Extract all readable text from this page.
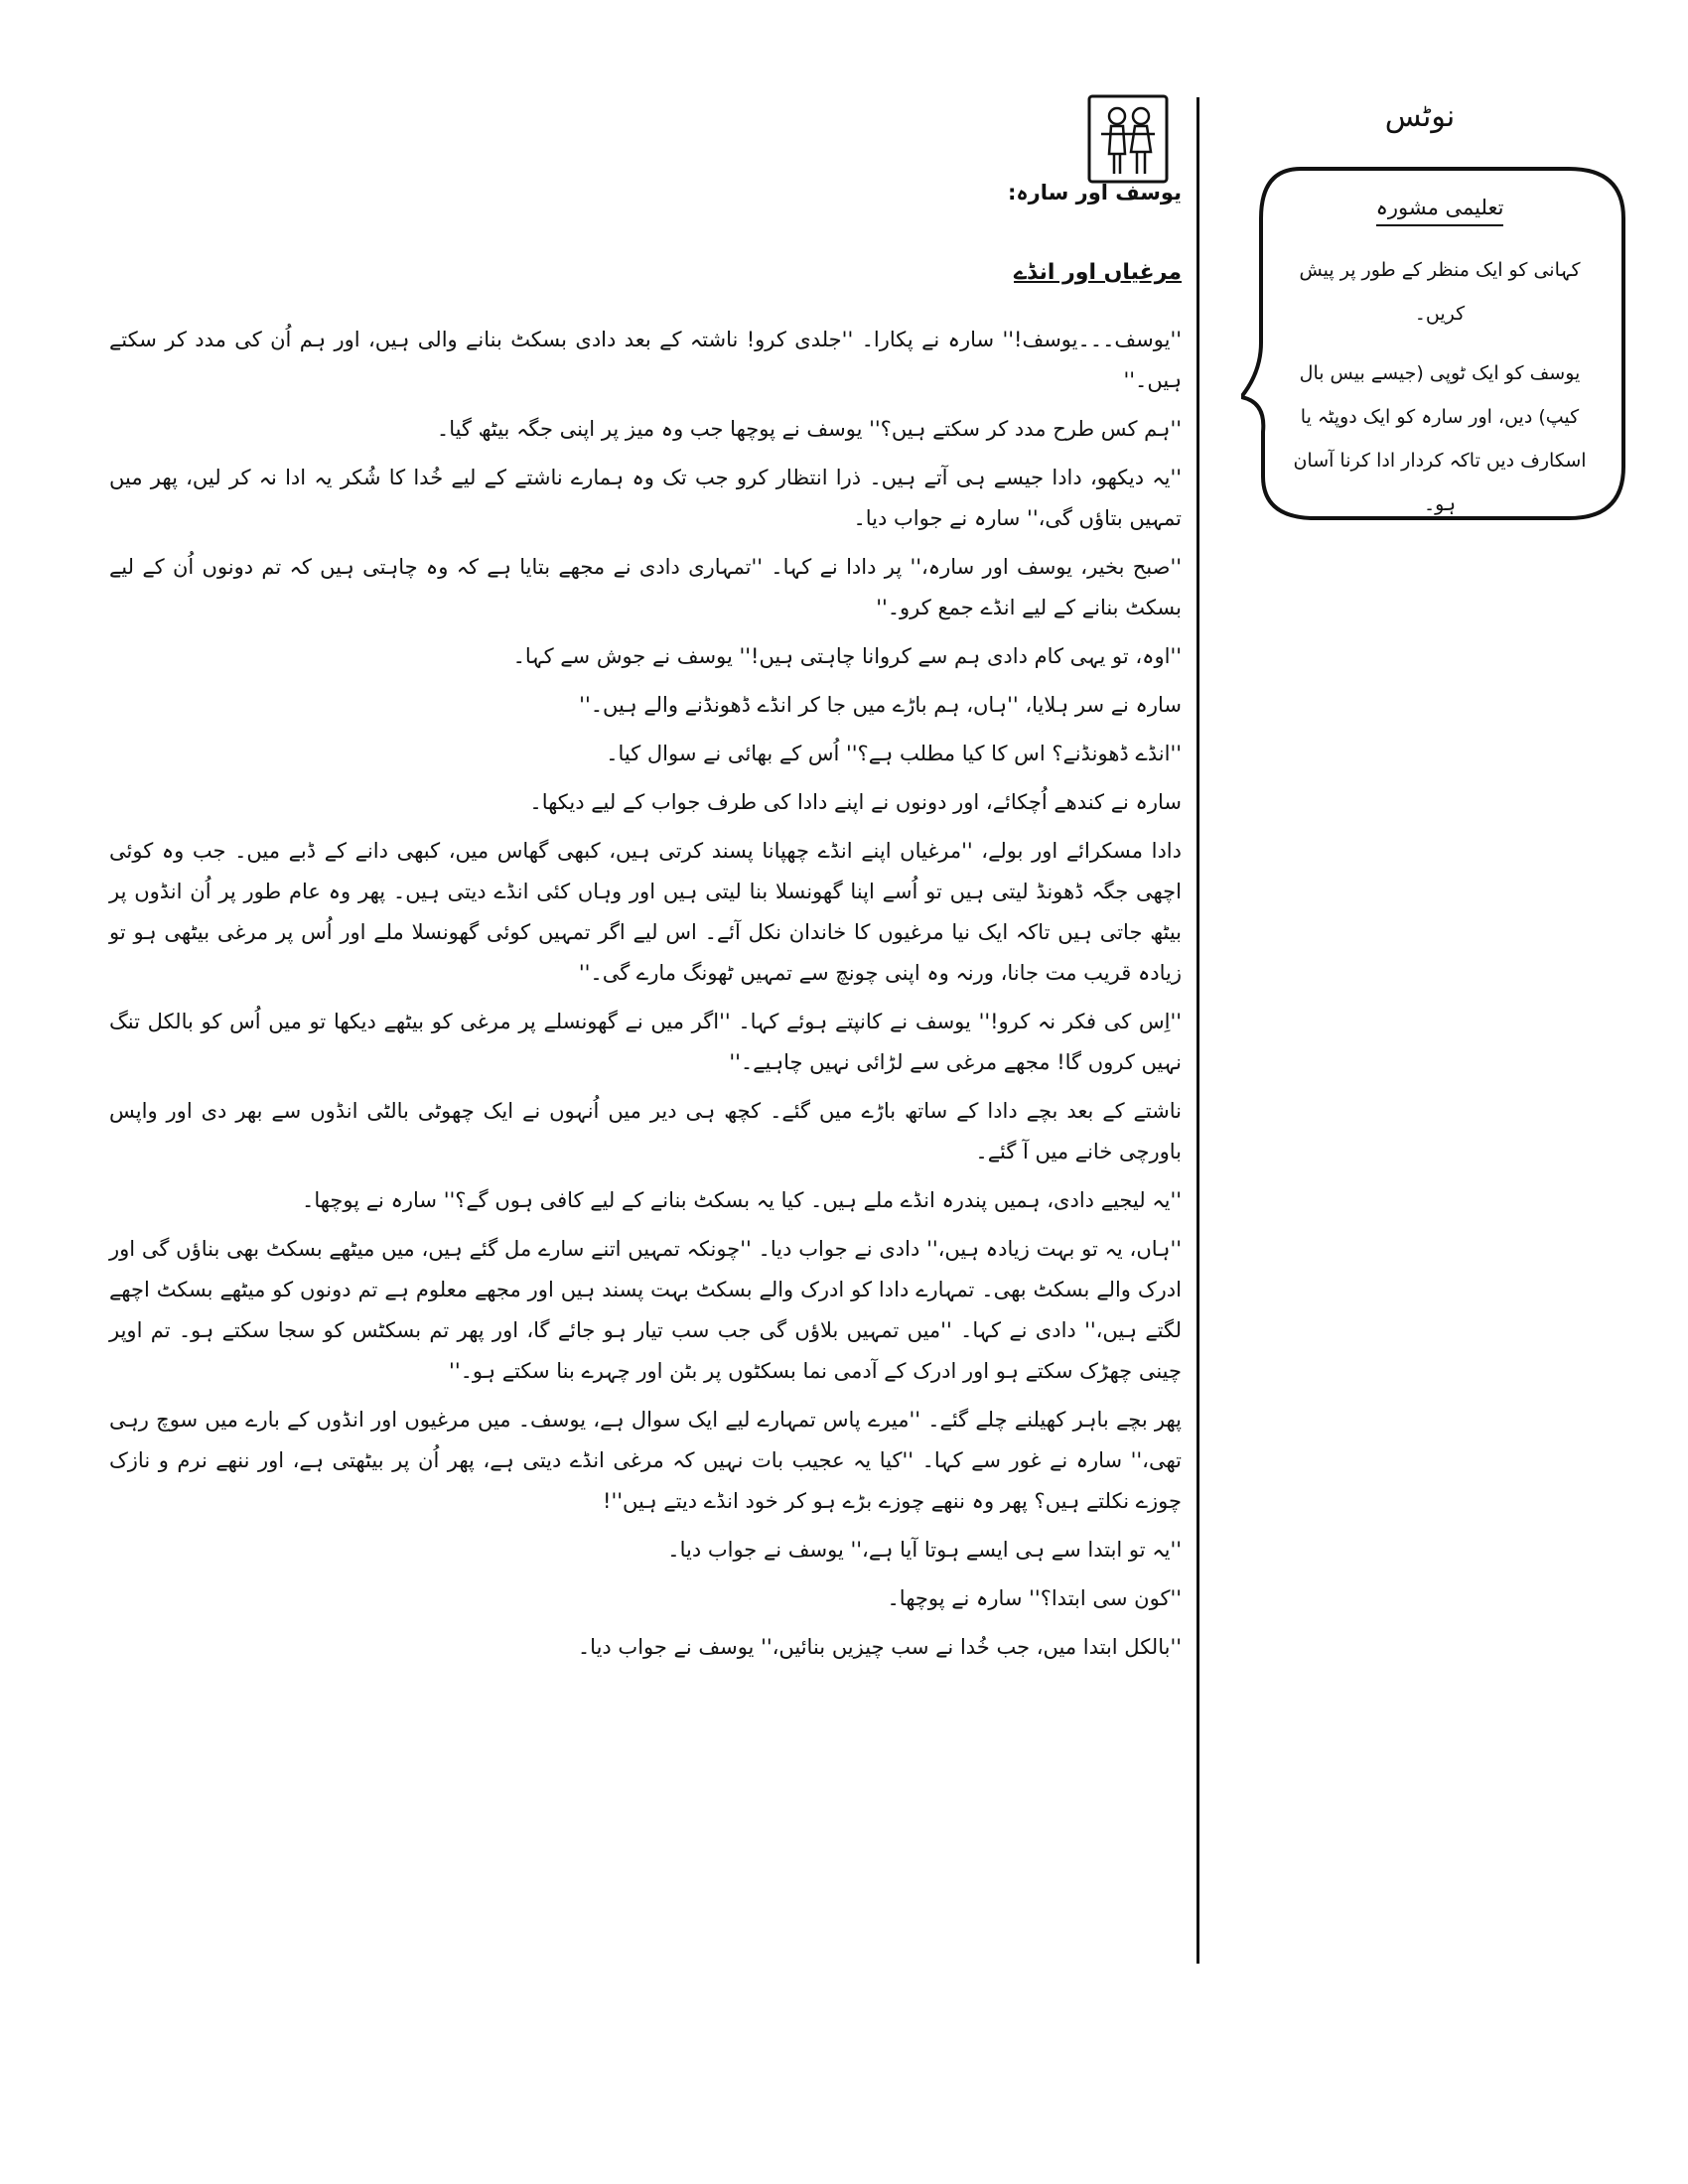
نوٹس
تعلیمی مشورہ

کہانی کو ایک منظر کے طور پر پیش کریں۔

یوسف کو ایک ٹوپی (جیسے بیس بال کیپ) دیں، اور سارہ کو ایک دوپٹہ یا اسکارف دیں تاکہ کردار ادا کرنا آسان ہو۔

یوسف اور سارہ:
مرغیاں اور انڈے

''یوسف۔۔۔یوسف!'' سارہ نے پکارا۔ ''جلدی کرو! ناشتہ کے بعد دادی بسکٹ بنانے والی ہیں، اور ہم اُن کی مدد کر سکتے ہیں۔''

''ہم کس طرح مدد کر سکتے ہیں؟'' یوسف نے پوچھا جب وہ میز پر اپنی جگہ بیٹھ گیا۔

''یہ دیکھو، دادا جیسے ہی آتے ہیں۔ ذرا انتظار کرو جب تک وہ ہمارے ناشتے کے لیے خُدا کا شُکر یہ ادا نہ کر لیں، پھر میں تمہیں بتاؤں گی،'' سارہ نے جواب دیا۔

''صبح بخیر، یوسف اور سارہ،'' پر دادا نے کہا۔ ''تمہاری دادی نے مجھے بتایا ہے کہ وہ چاہتی ہیں کہ تم دونوں اُن کے لیے بسکٹ بنانے کے لیے انڈے جمع کرو۔''

''اوہ، تو یہی کام دادی ہم سے کروانا چاہتی ہیں!'' یوسف نے جوش سے کہا۔

سارہ نے سر ہلایا، ''ہاں، ہم باڑے میں جا کر انڈے ڈھونڈنے والے ہیں۔''

''انڈے ڈھونڈنے؟ اس کا کیا مطلب ہے؟'' اُس کے بھائی نے سوال کیا۔

سارہ نے کندھے اُچکائے، اور دونوں نے اپنے دادا کی طرف جواب کے لیے دیکھا۔

دادا مسکرائے اور بولے، ''مرغیاں اپنے انڈے چھپانا پسند کرتی ہیں، کبھی گھاس میں، کبھی دانے کے ڈبے میں۔ جب وہ کوئی اچھی جگہ ڈھونڈ لیتی ہیں تو اُسے اپنا گھونسلا بنا لیتی ہیں اور وہاں کئی انڈے دیتی ہیں۔ پھر وہ عام طور پر اُن انڈوں پر بیٹھ جاتی ہیں تاکہ ایک نیا مرغیوں کا خاندان نکل آئے۔ اس لیے اگر تمہیں کوئی گھونسلا ملے اور اُس پر مرغی بیٹھی ہو تو زیادہ قریب مت جانا، ورنہ وہ اپنی چونچ سے تمہیں ٹھونگ مارے گی۔''

''اِس کی فکر نہ کرو!'' یوسف نے کانپتے ہوئے کہا۔ ''اگر میں نے گھونسلے پر مرغی کو بیٹھے دیکھا تو میں اُس کو بالکل تنگ نہیں کروں گا! مجھے مرغی سے لڑائی نہیں چاہیے۔''

ناشتے کے بعد بچے دادا کے ساتھ باڑے میں گئے۔ کچھ ہی دیر میں اُنہوں نے ایک چھوٹی بالٹی انڈوں سے بھر دی اور واپس باورچی خانے میں آ گئے۔

''یہ لیجیے دادی، ہمیں پندرہ انڈے ملے ہیں۔ کیا یہ بسکٹ بنانے کے لیے کافی ہوں گے؟'' سارہ نے پوچھا۔

''ہاں، یہ تو بہت زیادہ ہیں،'' دادی نے جواب دیا۔ ''چونکہ تمہیں اتنے سارے مل گئے ہیں، میں میٹھے بسکٹ بھی بناؤں گی اور ادرک والے بسکٹ بھی۔ تمہارے دادا کو ادرک والے بسکٹ بہت پسند ہیں اور مجھے معلوم ہے تم دونوں کو میٹھے بسکٹ اچھے لگتے ہیں،'' دادی نے کہا۔ ''میں تمہیں بلاؤں گی جب سب تیار ہو جائے گا، اور پھر تم بسکٹس کو سجا سکتے ہو۔ تم اوپر چینی چھڑک سکتے ہو اور ادرک کے آدمی نما بسکٹوں پر بٹن اور چہرے بنا سکتے ہو۔''

پھر بچے باہر کھیلنے چلے گئے۔ ''میرے پاس تمہارے لیے ایک سوال ہے، یوسف۔ میں مرغیوں اور انڈوں کے بارے میں سوچ رہی تھی،'' سارہ نے غور سے کہا۔ ''کیا یہ عجیب بات نہیں کہ مرغی انڈے دیتی ہے، پھر اُن پر بیٹھتی ہے، اور ننھے نرم و نازک چوزے نکلتے ہیں؟ پھر وہ ننھے چوزے بڑے ہو کر خود انڈے دیتے ہیں''!

''یہ تو ابتدا سے ہی ایسے ہوتا آیا ہے،'' یوسف نے جواب دیا۔

''کون سی ابتدا؟'' سارہ نے پوچھا۔

''بالکل ابتدا میں، جب خُدا نے سب چیزیں بنائیں،'' یوسف نے جواب دیا۔
